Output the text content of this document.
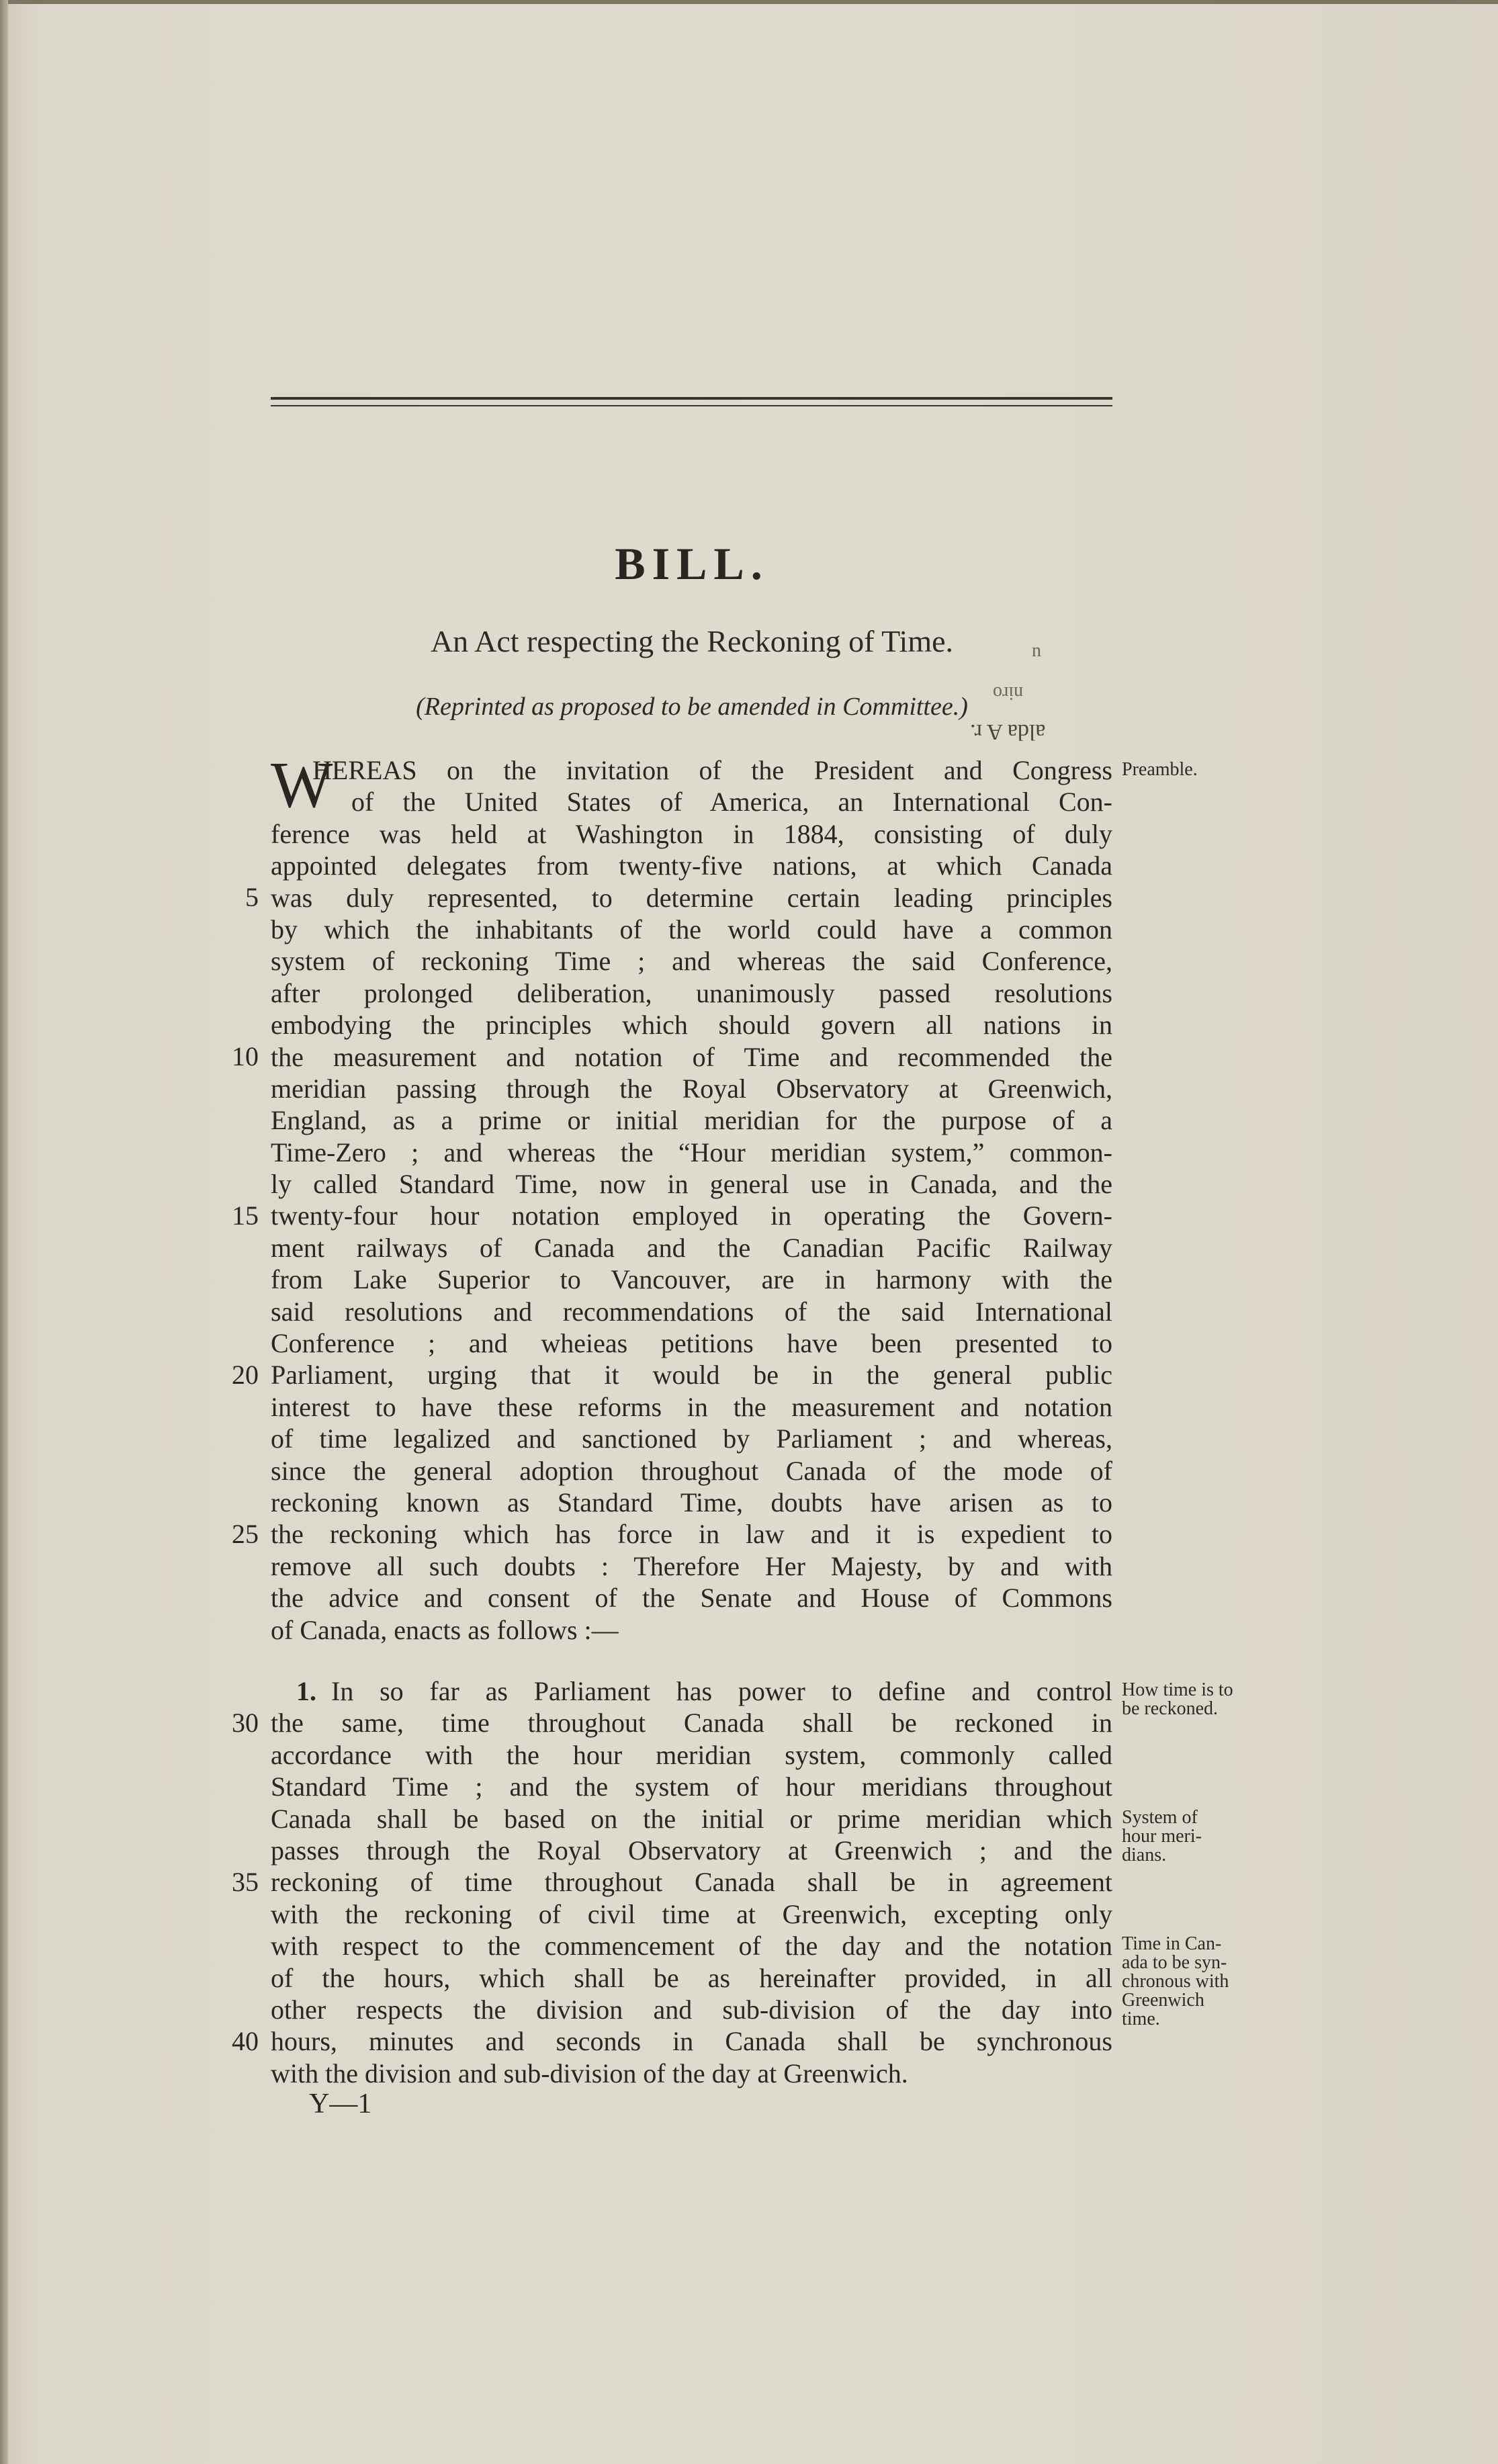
BILL.
An Act respecting the Reckoning of Time.
(Reprinted as proposed to be amended in Committee.)
n
niro
alda A r.
W
HEREAS on the invitation of the President and Congress
of the United States of America, an International Con-
ference was held at Washington in 1884, consisting of duly
appointed delegates from twenty-five nations, at which Canada
was duly represented, to determine certain leading principles
by which the inhabitants of the world could have a common
system of reckoning Time ; and whereas the said Conference,
after prolonged deliberation, unanimously passed resolutions
embodying the principles which should govern all nations in
the measurement and notation of Time and recommended the
meridian passing through the Royal Observatory at Greenwich,
England, as a prime or initial meridian for the purpose of a
Time-Zero ; and whereas the “Hour meridian system,” common-
ly called Standard Time, now in general use in Canada, and the
twenty-four hour notation employed in operating the Govern-
ment railways of Canada and the Canadian Pacific Railway
from Lake Superior to Vancouver, are in harmony with the
said resolutions and recommendations of the said International
Conference ; and wheieas petitions have been presented to
Parliament, urging that it would be in the general public
interest to have these reforms in the measurement and notation
of time legalized and sanctioned by Parliament ; and whereas,
since the general adoption throughout Canada of the mode of
reckoning known as Standard Time, doubts have arisen as to
the reckoning which has force in law and it is expedient to
remove all such doubts : Therefore Her Majesty, by and with
the advice and consent of the Senate and House of Commons
of Canada, enacts as follows :—
1. In so far as Parliament has power to define and control
the same, time throughout Canada shall be reckoned in
accordance with the hour meridian system, commonly called
Standard Time ; and the system of hour meridians throughout
Canada shall be based on the initial or prime meridian which
passes through the Royal Observatory at Greenwich ; and the
reckoning of time throughout Canada shall be in agreement
with the reckoning of civil time at Greenwich, excepting only
with respect to the commencement of the day and the notation
of the hours, which shall be as hereinafter provided, in all
other respects the division and sub-division of the day into
hours, minutes and seconds in Canada shall be synchronous
with the division and sub-division of the day at Greenwich.
5
10
15
20
25
30
35
40
Preamble.
How time is to
be reckoned.
System of
hour meri-
dians.
Time in Can-
ada to be syn-
chronous with
Greenwich
time.
Y—1
